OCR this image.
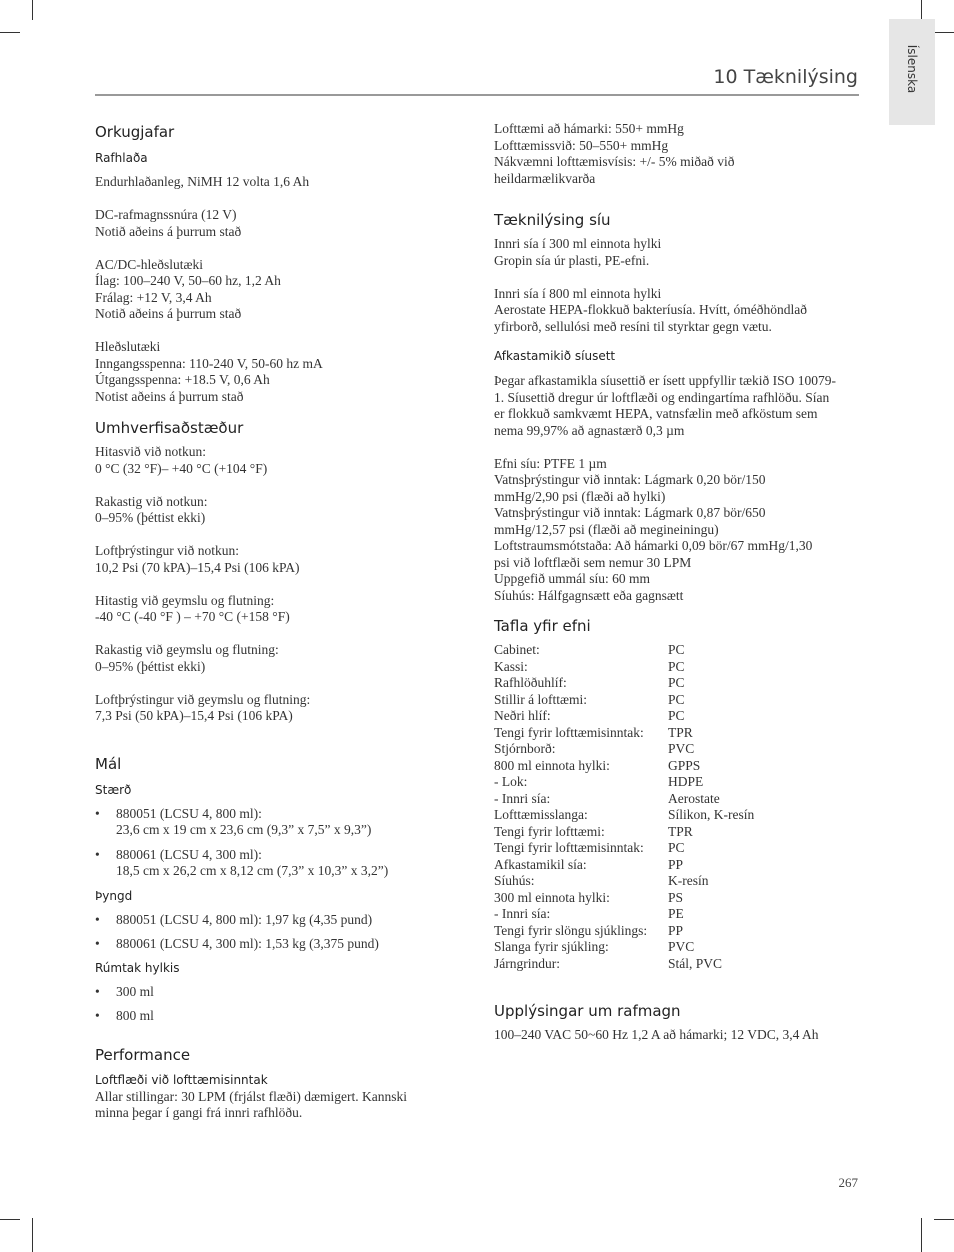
Íslenska
10 Tæknilýsing
Orkugjafar
Rafhlaða
Endurhlaðanleg, NiMH 12 volta 1,6 Ah
DC-rafmagnssnúra (12 V)
Notið aðeins á þurrum stað
AC/DC-hleðslutæki
Ílag: 100–240 V, 50–60 hz, 1,2 Ah
Frálag: +12 V, 3,4 Ah
Notið aðeins á þurrum stað
Hleðslutæki
Inngangsspenna: 110-240 V, 50-60 hz mA
Útgangsspenna: +18.5 V, 0,6 Ah
Notist aðeins á þurrum stað
Umhverfisaðstæður
Hitasvið við notkun:
0 °C (32 °F)– +40 °C (+104 °F)
Rakastig við notkun:
0–95% (þéttist ekki)
Loftþrýstingur við notkun:
10,2 Psi (70 kPA)–15,4 Psi (106 kPA)
Hitastig við geymslu og flutning:
-40 °C (-40 °F ) – +70 °C (+158 °F)
Rakastig við geymslu og flutning:
0–95% (þéttist ekki)
Loftþrýstingur við geymslu og flutning:
7,3 Psi (50 kPA)–15,4 Psi (106 kPA)
Mál
Stærð
• 880051 (LCSU 4, 800 ml):
23,6 cm x 19 cm x 23,6 cm (9,3” x 7,5” x 9,3”)
• 880061 (LCSU 4, 300 ml):
18,5 cm x 26,2 cm x 8,12 cm (7,3” x 10,3” x 3,2”)
Þyngd
• 880051 (LCSU 4, 800 ml): 1,97 kg (4,35 pund)
• 880061 (LCSU 4, 300 ml): 1,53 kg (3,375 pund)
Rúmtak hylkis
• 300 ml
• 800 ml
Performance
Loftflæði við lofttæmisinntak
Allar stillingar: 30 LPM (frjálst flæði) dæmigert. Kannski
minna þegar í gangi frá innri rafhlöðu.
Lofttæmi að hámarki: 550+ mmHg
Lofttæmissvið: 50–550+ mmHg
Nákvæmni lofttæmisvísis: +/- 5% miðað við
heildarmælikvarða
Tæknilýsing síu
Innri sía í 300 ml einnota hylki
Gropin sía úr plasti, PE-efni.
Innri sía í 800 ml einnota hylki
Aerostate HEPA-flokkuð bakteríusía. Hvítt, óméðhöndlað
yfirborð, sellulósi með resíni til styrktar gegn vætu.
Afkastamikið síusett
Þegar afkastamikla síusettið er ísett uppfyllir tækið ISO 10079-
1. Síusettið dregur úr loftflæði og endingartíma rafhlöðu. Sían
er flokkuð samkvæmt HEPA, vatnsfælin með afköstum sem
nema 99,97% að agnastærð 0,3 µm
Efni síu: PTFE 1 µm
Vatnsþrýstingur við inntak: Lágmark 0,20 bör/150
mmHg/2,90 psi (flæði að hylki)
Vatnsþrýstingur við inntak: Lágmark 0,87 bör/650
mmHg/12,57 psi (flæði að megineiningu)
Loftstraumsmótstaða: Að hámarki 0,09 bör/67 mmHg/1,30
psi við loftflæði sem nemur 30 LPM
Uppgefið ummál síu: 60 mm
Síuhús: Hálfgagnsætt eða gagnsætt
Tafla yfir efni
Cabinet:	PC
Kassi:	PC
Rafhlöðuhlíf:	PC
Stillir á lofttæmi:	PC
Neðri hlíf:	PC
Tengi fyrir lofttæmisinntak:	TPR
Stjórnborð:	PVC
800 ml einnota hylki:	GPPS
- Lok:	HDPE
- Innri sía:	Aerostate
Lofttæmisslanga:	Sílikon, K-resín
Tengi fyrir lofttæmi:	TPR
Tengi fyrir lofttæmisinntak:	PC
Afkastamikil sía:	PP
Síuhús:	K-resín
300 ml einnota hylki:	PS
- Innri sía:	PE
Tengi fyrir slöngu sjúklings:	PP
Slanga fyrir sjúkling:	PVC
Járngrindur:	Stál, PVC
Upplýsingar um rafmagn
100–240 VAC 50~60 Hz 1,2 A að hámarki; 12 VDC, 3,4 Ah
267
